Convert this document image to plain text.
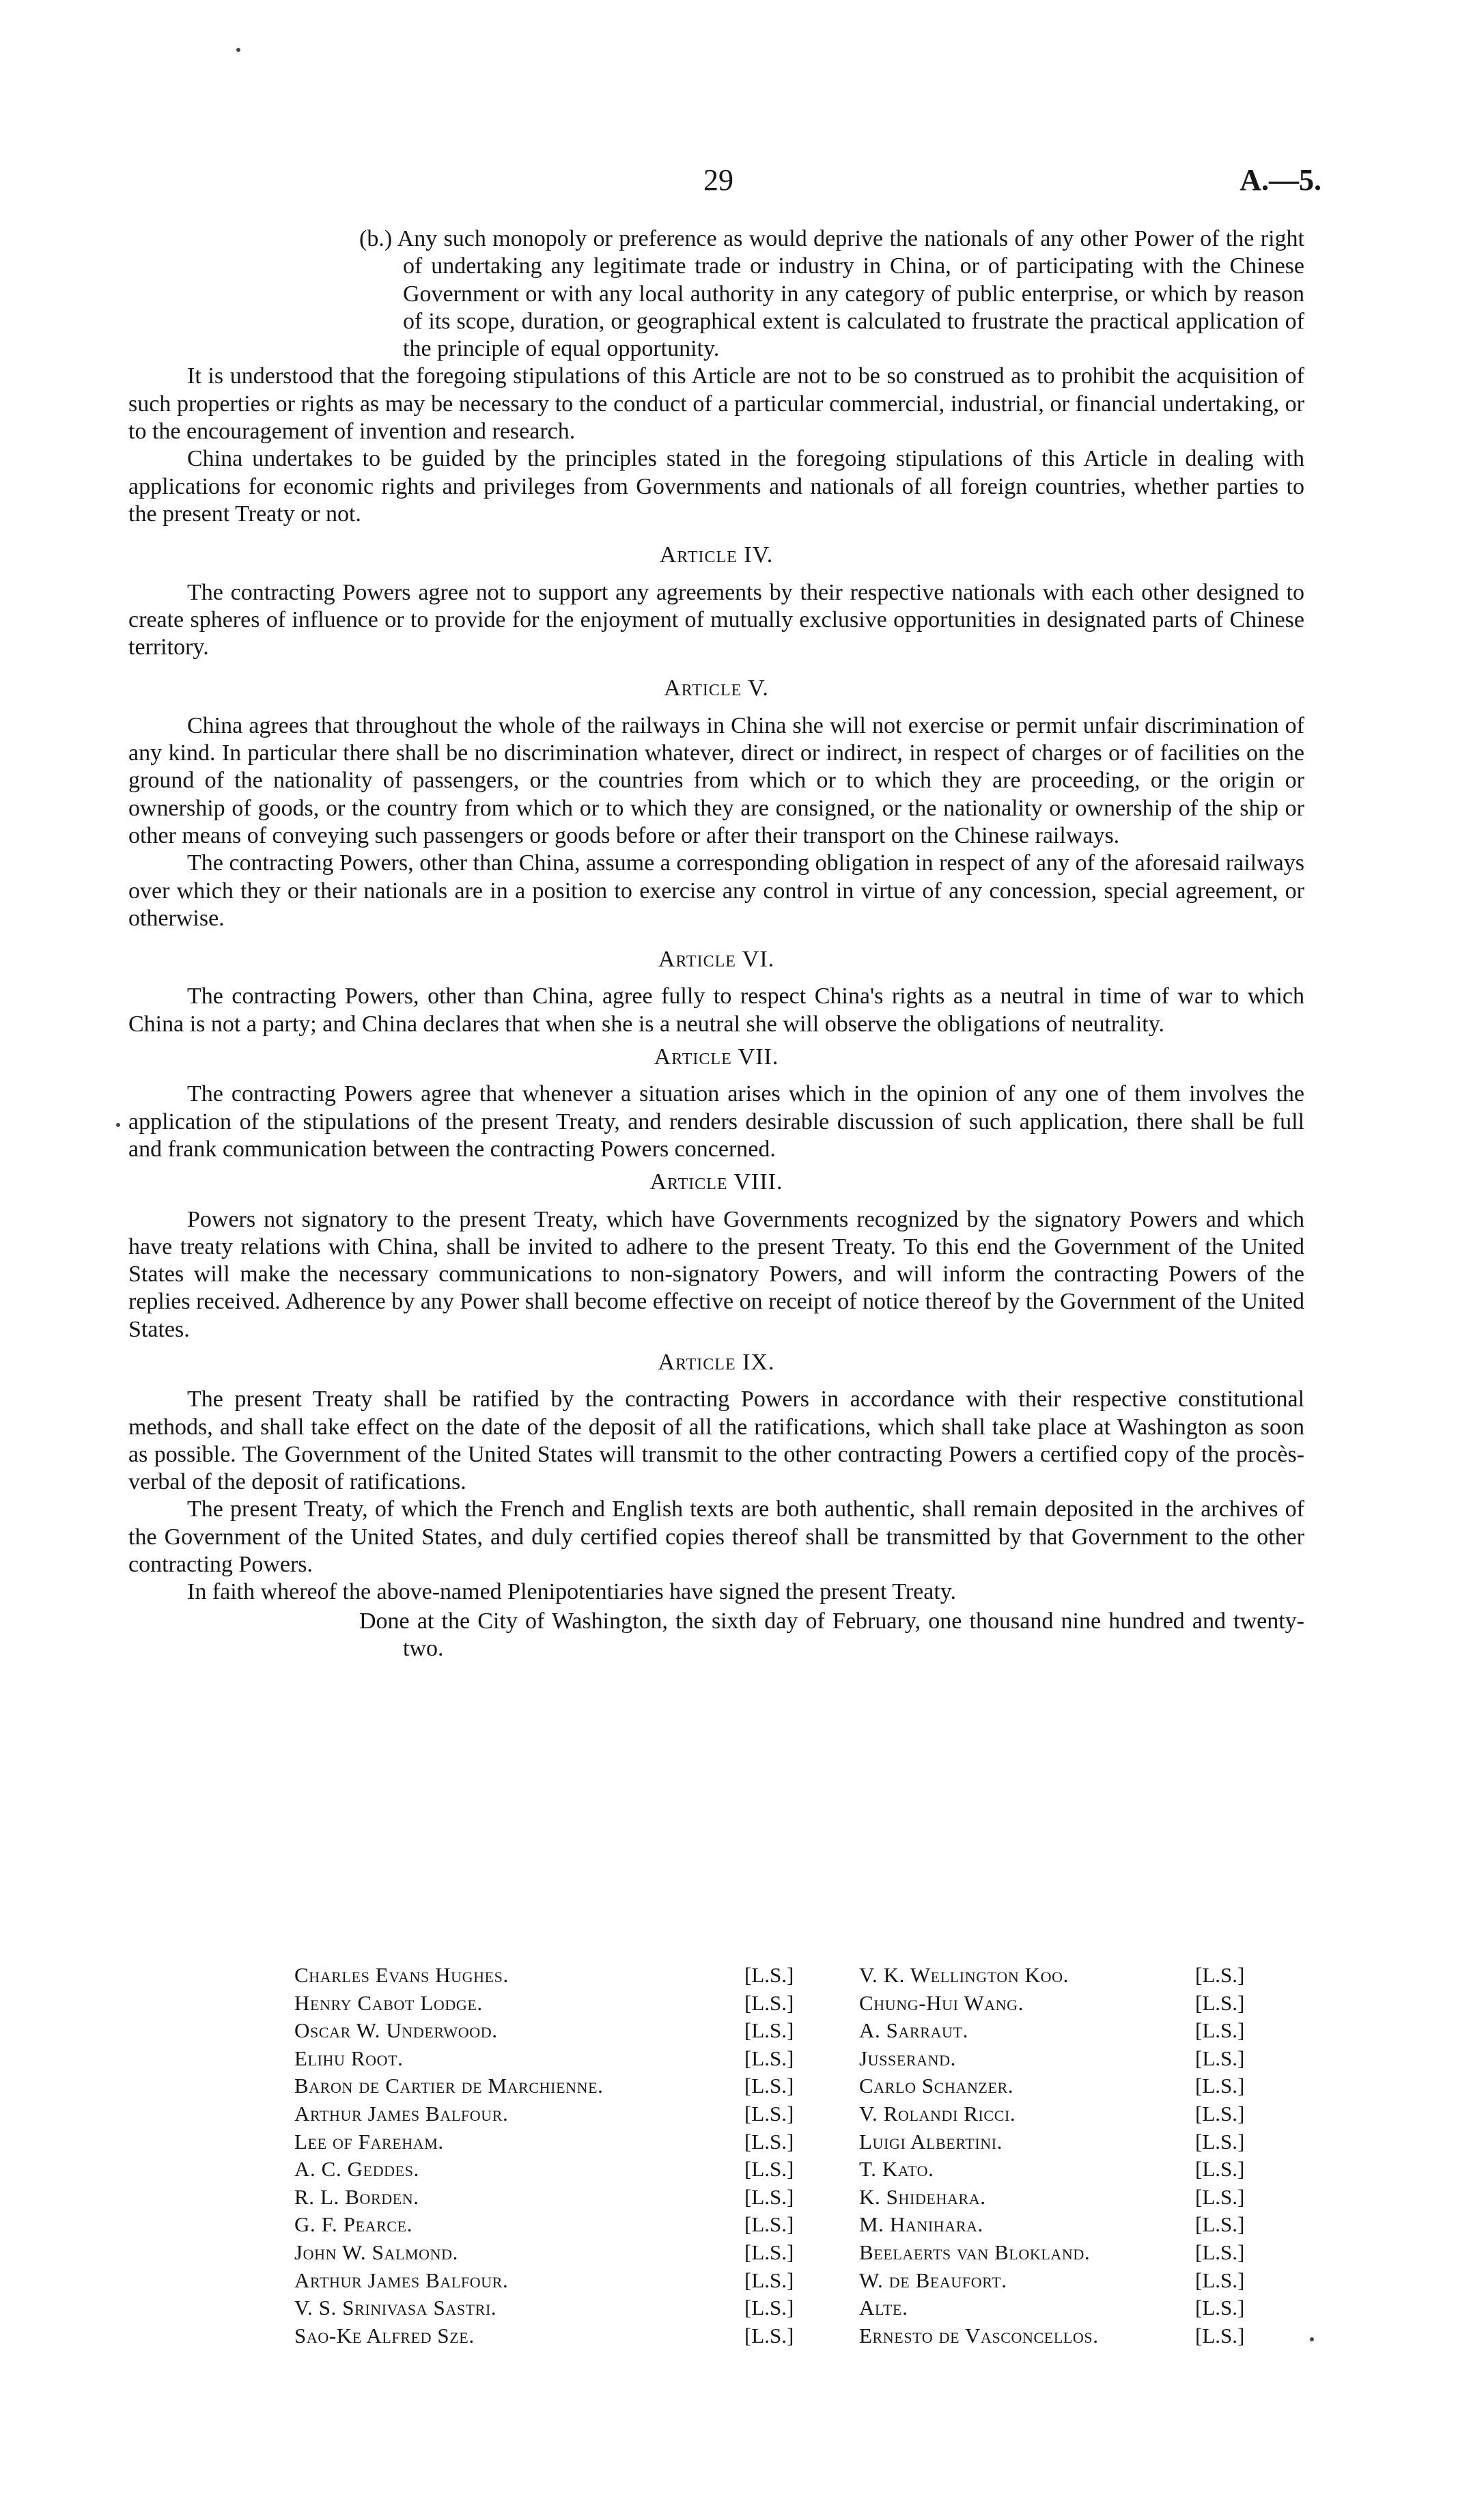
29	A.—5.

(b.) Any such monopoly or preference as would deprive the nationals of any other Power of the right of undertaking any legitimate trade or industry in China, or of participating with the Chinese Government or with any local authority in any category of public enterprise, or which by reason of its scope, duration, or geographical extent is calculated to frustrate the practical application of the principle of equal opportunity.

It is understood that the foregoing stipulations of this Article are not to be so construed as to prohibit the acquisition of such properties or rights as may be necessary to the conduct of a particular commercial, industrial, or financial undertaking, or to the encouragement of invention and research.

China undertakes to be guided by the principles stated in the foregoing stipulations of this Article in dealing with applications for economic rights and privileges from Governments and nationals of all foreign countries, whether parties to the present Treaty or not.

Article IV.

The contracting Powers agree not to support any agreements by their respective nationals with each other designed to create spheres of influence or to provide for the enjoyment of mutually exclusive opportunities in designated parts of Chinese territory.

Article V.

China agrees that throughout the whole of the railways in China she will not exercise or permit unfair discrimination of any kind. In particular there shall be no discrimination whatever, direct or indirect, in respect of charges or of facilities on the ground of the nationality of passengers, or the countries from which or to which they are proceeding, or the origin or ownership of goods, or the country from which or to which they are consigned, or the nationality or ownership of the ship or other means of conveying such passengers or goods before or after their transport on the Chinese railways.

The contracting Powers, other than China, assume a corresponding obligation in respect of any of the aforesaid railways over which they or their nationals are in a position to exercise any control in virtue of any concession, special agreement, or otherwise.

Article VI.

The contracting Powers, other than China, agree fully to respect China's rights as a neutral in time of war to which China is not a party; and China declares that when she is a neutral she will observe the obligations of neutrality.

Article VII.

The contracting Powers agree that whenever a situation arises which in the opinion of any one of them involves the application of the stipulations of the present Treaty, and renders desirable discussion of such application, there shall be full and frank communication between the contracting Powers concerned.

Article VIII.

Powers not signatory to the present Treaty, which have Governments recognized by the signatory Powers and which have treaty relations with China, shall be invited to adhere to the present Treaty. To this end the Government of the United States will make the necessary communications to non-signatory Powers, and will inform the contracting Powers of the replies received. Adherence by any Power shall become effective on receipt of notice thereof by the Government of the United States.

Article IX.

The present Treaty shall be ratified by the contracting Powers in accordance with their respective constitutional methods, and shall take effect on the date of the deposit of all the ratifications, which shall take place at Washington as soon as possible. The Government of the United States will transmit to the other contracting Powers a certified copy of the procès-verbal of the deposit of ratifications.

The present Treaty, of which the French and English texts are both authentic, shall remain deposited in the archives of the Government of the United States, and duly certified copies thereof shall be transmitted by that Government to the other contracting Powers.

In faith whereof the above-named Plenipotentiaries have signed the present Treaty.

Done at the City of Washington, the sixth day of February, one thousand nine hundred and twenty-two.

Charles Evans Hughes.	[L.S.]
Henry Cabot Lodge.	[L.S.]
Oscar W. Underwood.	[L.S.]
Elihu Root.	[L.S.]
Baron de Cartier de Marchienne.	[L.S.]
Arthur James Balfour.	[L.S.]
Lee of Fareham.	[L.S.]
A. C. Geddes.	[L.S.]
R. L. Borden.	[L.S.]
G. F. Pearce.	[L.S.]
John W. Salmond.	[L.S.]
Arthur James Balfour.	[L.S.]
V. S. Srinivasa Sastri.	[L.S.]
Sao-Ke Alfred Sze.	[L.S.]
V. K. Wellington Koo.	[L.S.]
Chung-Hui Wang.	[L.S.]
A. Sarraut.	[L.S.]
Jusserand.	[L.S.]
Carlo Schanzer.	[L.S.]
V. Rolandi Ricci.	[L.S.]
Luigi Albertini.	[L.S.]
T. Kato.	[L.S.]
K. Shidehara.	[L.S.]
M. Hanihara.	[L.S.]
Beelaerts van Blokland.	[L.S.]
W. de Beaufort.	[L.S.]
Alte.	[L.S.]
Ernesto de Vasconcellos.	[L.S.]
